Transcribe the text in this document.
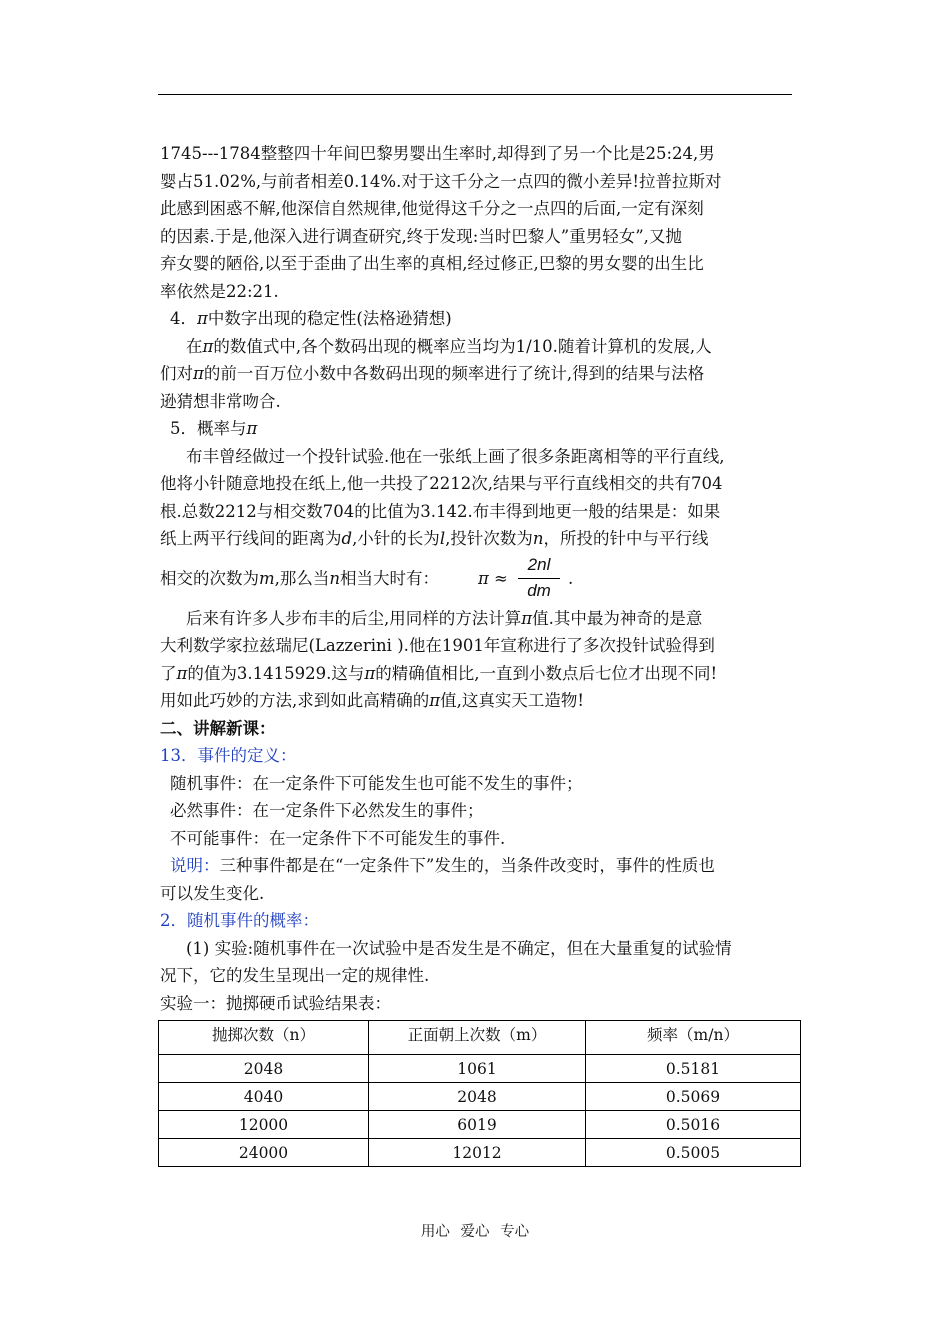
1745---1784整整四十年间巴黎男婴出生率时,却得到了另一个比是25:24,男

婴占51.02%,与前者相差0.14%.对于这千分之一点四的微小差异!拉普拉斯对

此感到困惑不解,他深信自然规律,他觉得这千分之一点四的后面,一定有深刻

的因素.于是,他深入进行调查研究,终于发现:当时巴黎人”重男轻女”,又抛

弃女婴的陋俗,以至于歪曲了出生率的真相,经过修正,巴黎的男女婴的出生比

率依然是22:21.

4．π中数字出现的稳定性(法格逊猜想)

在π的数值式中,各个数码出现的概率应当均为1/10.随着计算机的发展,人

们对π的前一百万位小数中各数码出现的频率进行了统计,得到的结果与法格

逊猜想非常吻合.

5．概率与π

布丰曾经做过一个投针试验.他在一张纸上画了很多条距离相等的平行直线,

他将小针随意地投在纸上,他一共投了2212次,结果与平行直线相交的共有704

根.总数2212与相交数704的比值为3.142.布丰得到地更一般的结果是：如果

纸上两平行线间的距离为d,小针的长为l,投针次数为n，所投的针中与平行线

相交的次数为m,那么当n相当大时有： π ≈
2nl
dm
.

后来有许多人步布丰的后尘,用同样的方法计算π值.其中最为神奇的是意

大利数学家拉兹瑞尼(Lazzerini ).他在1901年宣称进行了多次投针试验得到

了π的值为3.1415929.这与π的精确值相比,一直到小数点后七位才出现不同!

用如此巧妙的方法,求到如此高精确的π值,这真实天工造物!

二、讲解新课：

13．事件的定义：

随机事件：在一定条件下可能发生也可能不发生的事件；

必然事件：在一定条件下必然发生的事件；

不可能事件：在一定条件下不可能发生的事件.

说明：三种事件都是在“一定条件下”发生的，当条件改变时，事件的性质也

可以发生变化.

2．随机事件的概率：

(1) 实验:随机事件在一次试验中是否发生是不确定，但在大量重复的试验情

况下，它的发生呈现出一定的规律性.

实验一：抛掷硬币试验结果表：

抛掷次数（n）	正面朝上次数（m）	频率（m/n）
2048	1061	0.5181
4040	2048	0.5069
12000	6019	0.5016
24000	12012	0.5005
用心 爱心 专心
